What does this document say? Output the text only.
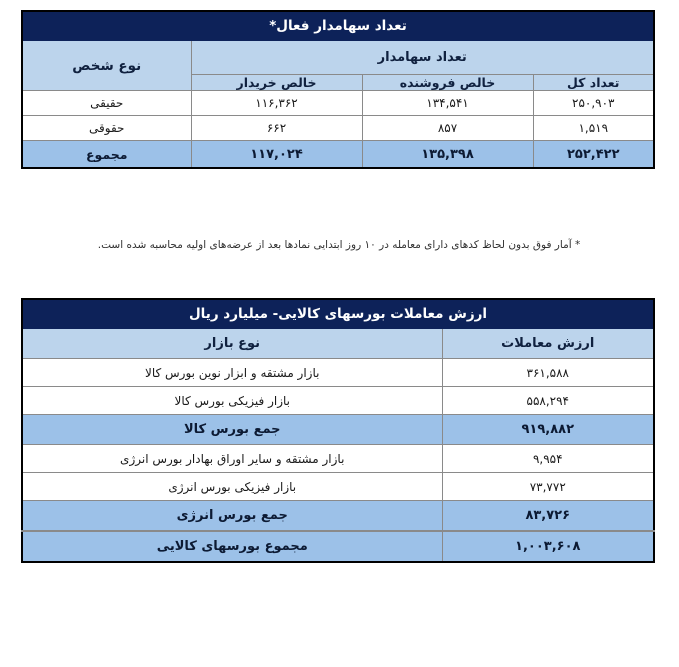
تعداد سهامدار فعال*			
تعداد سهامدار			نوع شخص
تعداد کل	خالص فروشنده	خالص خریدار	
۲۵۰,۹۰۳	۱۳۴,۵۴۱	۱۱۶,۳۶۲	حقیقی
۱,۵۱۹	۸۵۷	۶۶۲	حقوقی
۲۵۲,۴۲۲	۱۳۵,۳۹۸	۱۱۷,۰۲۴	مجموع
* آمار فوق بدون لحاظ کدهای دارای معامله در ۱۰ روز ابتدایی نمادها بعد از عرضه‌های اولیه محاسبه شده است.
ارزش معاملات بورسهای کالایی- میلیارد ریال	
ارزش معاملات	نوع بازار
۳۶۱,۵۸۸	بازار مشتقه و ابزار نوین بورس کالا
۵۵۸,۲۹۴	بازار فیزیکی بورس کالا
۹۱۹,۸۸۲	جمع بورس کالا
۹,۹۵۴	بازار مشتقه و سایر اوراق بهادار بورس انرژی
۷۳,۷۷۲	بازار فیزیکی بورس انرژی
۸۳,۷۲۶	جمع بورس انرژی
۱,۰۰۳,۶۰۸	مجموع بورسهای کالایی
